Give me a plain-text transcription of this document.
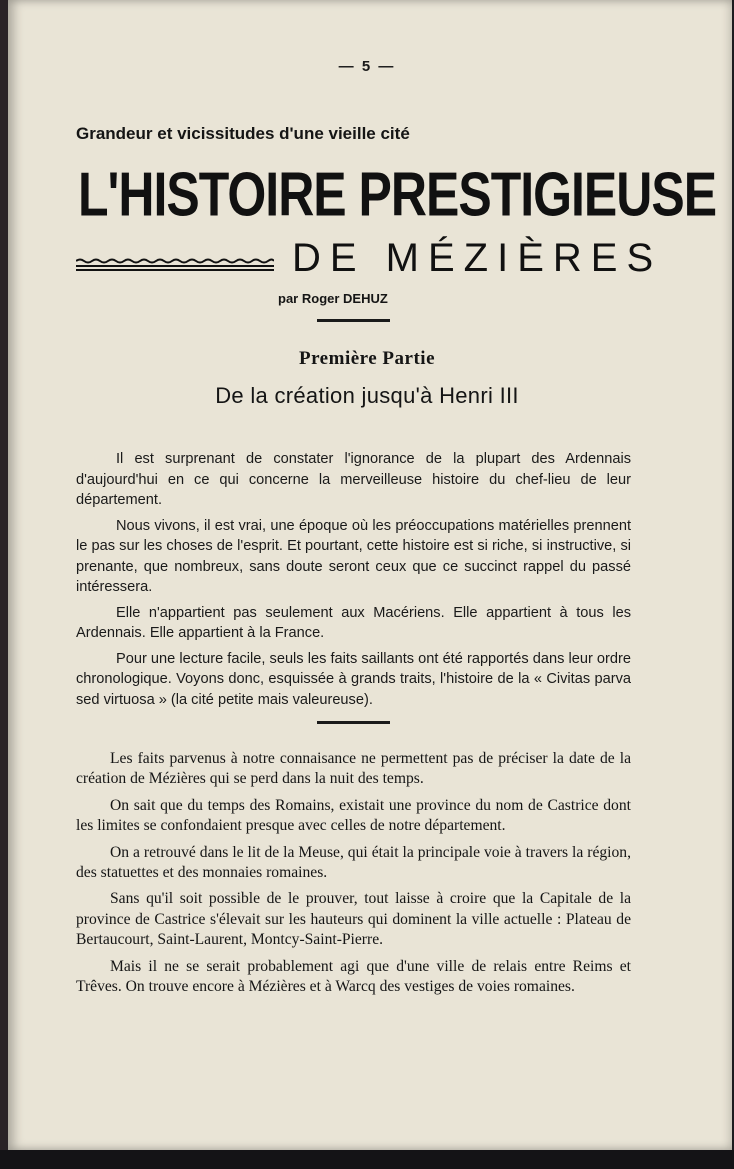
— 5 —
Grandeur et vicissitudes d'une vieille cité
L'HISTOIRE PRESTIGIEUSE
DE MÉZIÈRES
par Roger DEHUZ
Première Partie
De la création jusqu'à Henri III

Il est surprenant de constater l'ignorance de la plupart des Ardennais d'aujourd'hui en ce qui concerne la merveilleuse histoire du chef-lieu de leur département.

Nous vivons, il est vrai, une époque où les préoccupations matérielles prennent le pas sur les choses de l'esprit. Et pourtant, cette histoire est si riche, si instructive, si prenante, que nombreux, sans doute seront ceux que ce succinct rappel du passé intéressera.

Elle n'appartient pas seulement aux Macériens. Elle appartient à tous les Ardennais. Elle appartient à la France.

Pour une lecture facile, seuls les faits saillants ont été rapportés dans leur ordre chronologique. Voyons donc, esquissée à grands traits, l'histoire de la « Civitas parva sed virtuosa » (la cité petite mais valeureuse).

Les faits parvenus à notre connaisance ne permettent pas de préciser la date de la création de Mézières qui se perd dans la nuit des temps.

On sait que du temps des Romains, existait une province du nom de Castrice dont les limites se confondaient presque avec celles de notre département.

On a retrouvé dans le lit de la Meuse, qui était la principale voie à travers la région, des statuettes et des monnaies romaines.

Sans qu'il soit possible de le prouver, tout laisse à croire que la Capitale de la province de Castrice s'élevait sur les hauteurs qui dominent la ville actuelle : Plateau de Bertaucourt, Saint-Laurent, Montcy-Saint-Pierre.

Mais il ne se serait probablement agi que d'une ville de relais entre Reims et Trêves. On trouve encore à Mézières et à Warcq des vestiges de voies romaines.
